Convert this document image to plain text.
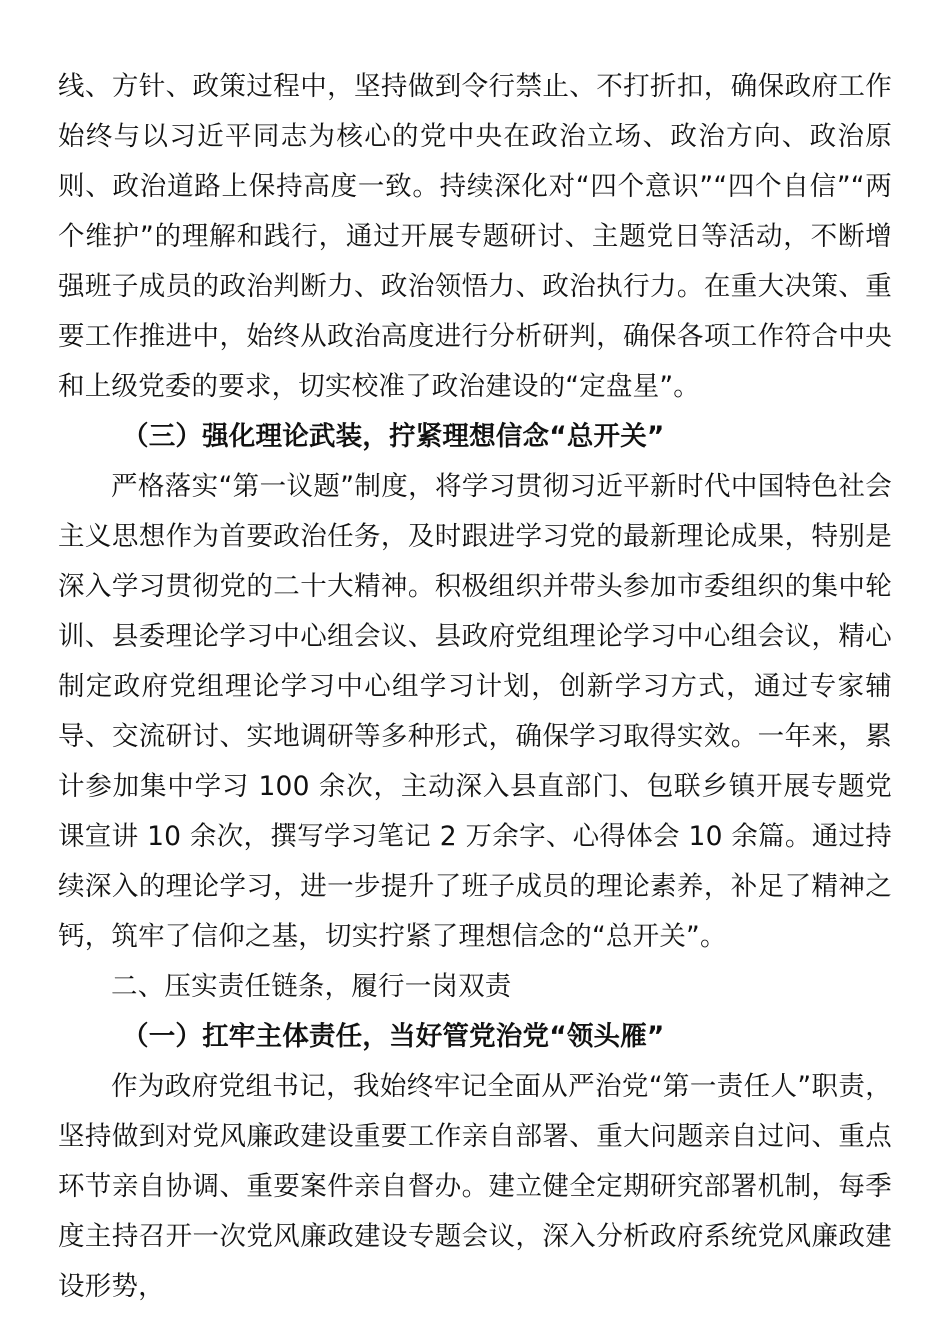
线、方针、政策过程中，坚持做到令行禁止、不打折扣，确保政府工作始终与以习近平同志为核心的党中央在政治立场、政治方向、政治原则、政治道路上保持高度一致。持续深化对“四个意识”“四个自信”“两个维护”的理解和践行，通过开展专题研讨、主题党日等活动，不断增强班子成员的政治判断力、政治领悟力、政治执行力。在重大决策、重要工作推进中，始终从政治高度进行分析研判，确保各项工作符合中央和上级党委的要求，切实校准了政治建设的“定盘星”。

（三）强化理论武装，拧紧理想信念“总开关”

严格落实“第一议题”制度，将学习贯彻习近平新时代中国特色社会主义思想作为首要政治任务，及时跟进学习党的最新理论成果，特别是深入学习贯彻党的二十大精神。积极组织并带头参加市委组织的集中轮训、县委理论学习中心组会议、县政府党组理论学习中心组会议，精心制定政府党组理论学习中心组学习计划，创新学习方式，通过专家辅导、交流研讨、实地调研等多种形式，确保学习取得实效。一年来，累计参加集中学习 100 余次，主动深入县直部门、包联乡镇开展专题党课宣讲 10 余次，撰写学习笔记 2 万余字、心得体会 10 余篇。通过持续深入的理论学习，进一步提升了班子成员的理论素养，补足了精神之钙，筑牢了信仰之基，切实拧紧了理想信念的“总开关”。

二、压实责任链条，履行一岗双责

（一）扛牢主体责任，当好管党治党“领头雁”

作为政府党组书记，我始终牢记全面从严治党“第一责任人”职责，坚持做到对党风廉政建设重要工作亲自部署、重大问题亲自过问、重点环节亲自协调、重要案件亲自督办。建立健全定期研究部署机制，每季度主持召开一次党风廉政建设专题会议，深入分析政府系统党风廉政建设形势，
